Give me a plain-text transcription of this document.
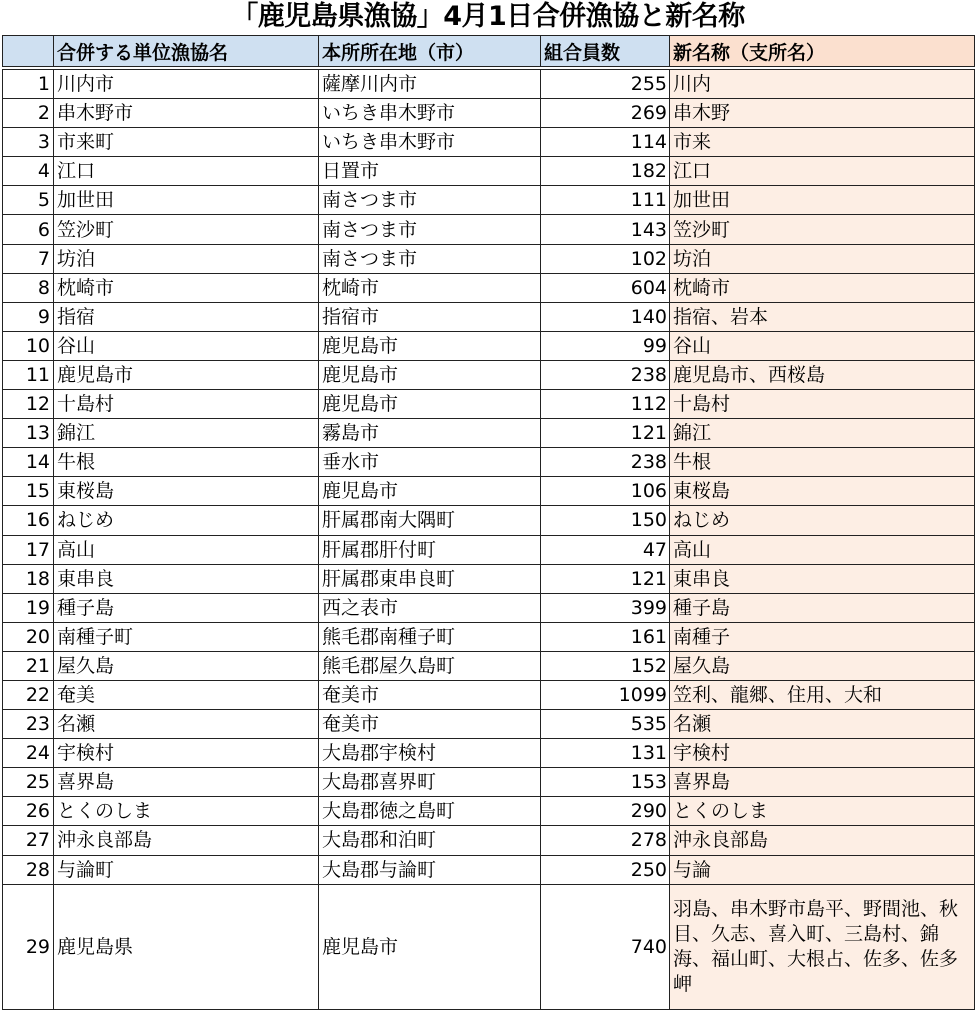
「鹿児島県漁協」4月1日合併漁協と新名称
	合併する単位漁協名	本所所在地（市）	組合員数	新名称（支所名）
1	川内市	薩摩川内市	255	川内
2	串木野市	いちき串木野市	269	串木野
3	市来町	いちき串木野市	114	市来
4	江口	日置市	182	江口
5	加世田	南さつま市	111	加世田
6	笠沙町	南さつま市	143	笠沙町
7	坊泊	南さつま市	102	坊泊
8	枕崎市	枕崎市	604	枕崎市
9	指宿	指宿市	140	指宿、岩本
10	谷山	鹿児島市	99	谷山
11	鹿児島市	鹿児島市	238	鹿児島市、西桜島
12	十島村	鹿児島市	112	十島村
13	錦江	霧島市	121	錦江
14	牛根	垂水市	238	牛根
15	東桜島	鹿児島市	106	東桜島
16	ねじめ	肝属郡南大隅町	150	ねじめ
17	高山	肝属郡肝付町	47	高山
18	東串良	肝属郡東串良町	121	東串良
19	種子島	西之表市	399	種子島
20	南種子町	熊毛郡南種子町	161	南種子
21	屋久島	熊毛郡屋久島町	152	屋久島
22	奄美	奄美市	1099	笠利、龍郷、住用、大和
23	名瀬	奄美市	535	名瀬
24	宇検村	大島郡宇検村	131	宇検村
25	喜界島	大島郡喜界町	153	喜界島
26	とくのしま	大島郡徳之島町	290	とくのしま
27	沖永良部島	大島郡和泊町	278	沖永良部島
28	与論町	大島郡与論町	250	与論
29	鹿児島県	鹿児島市	740	羽島、串木野市島平、野間池、秋目、久志、喜入町、三島村、錦海、福山町、大根占、佐多、佐多岬
